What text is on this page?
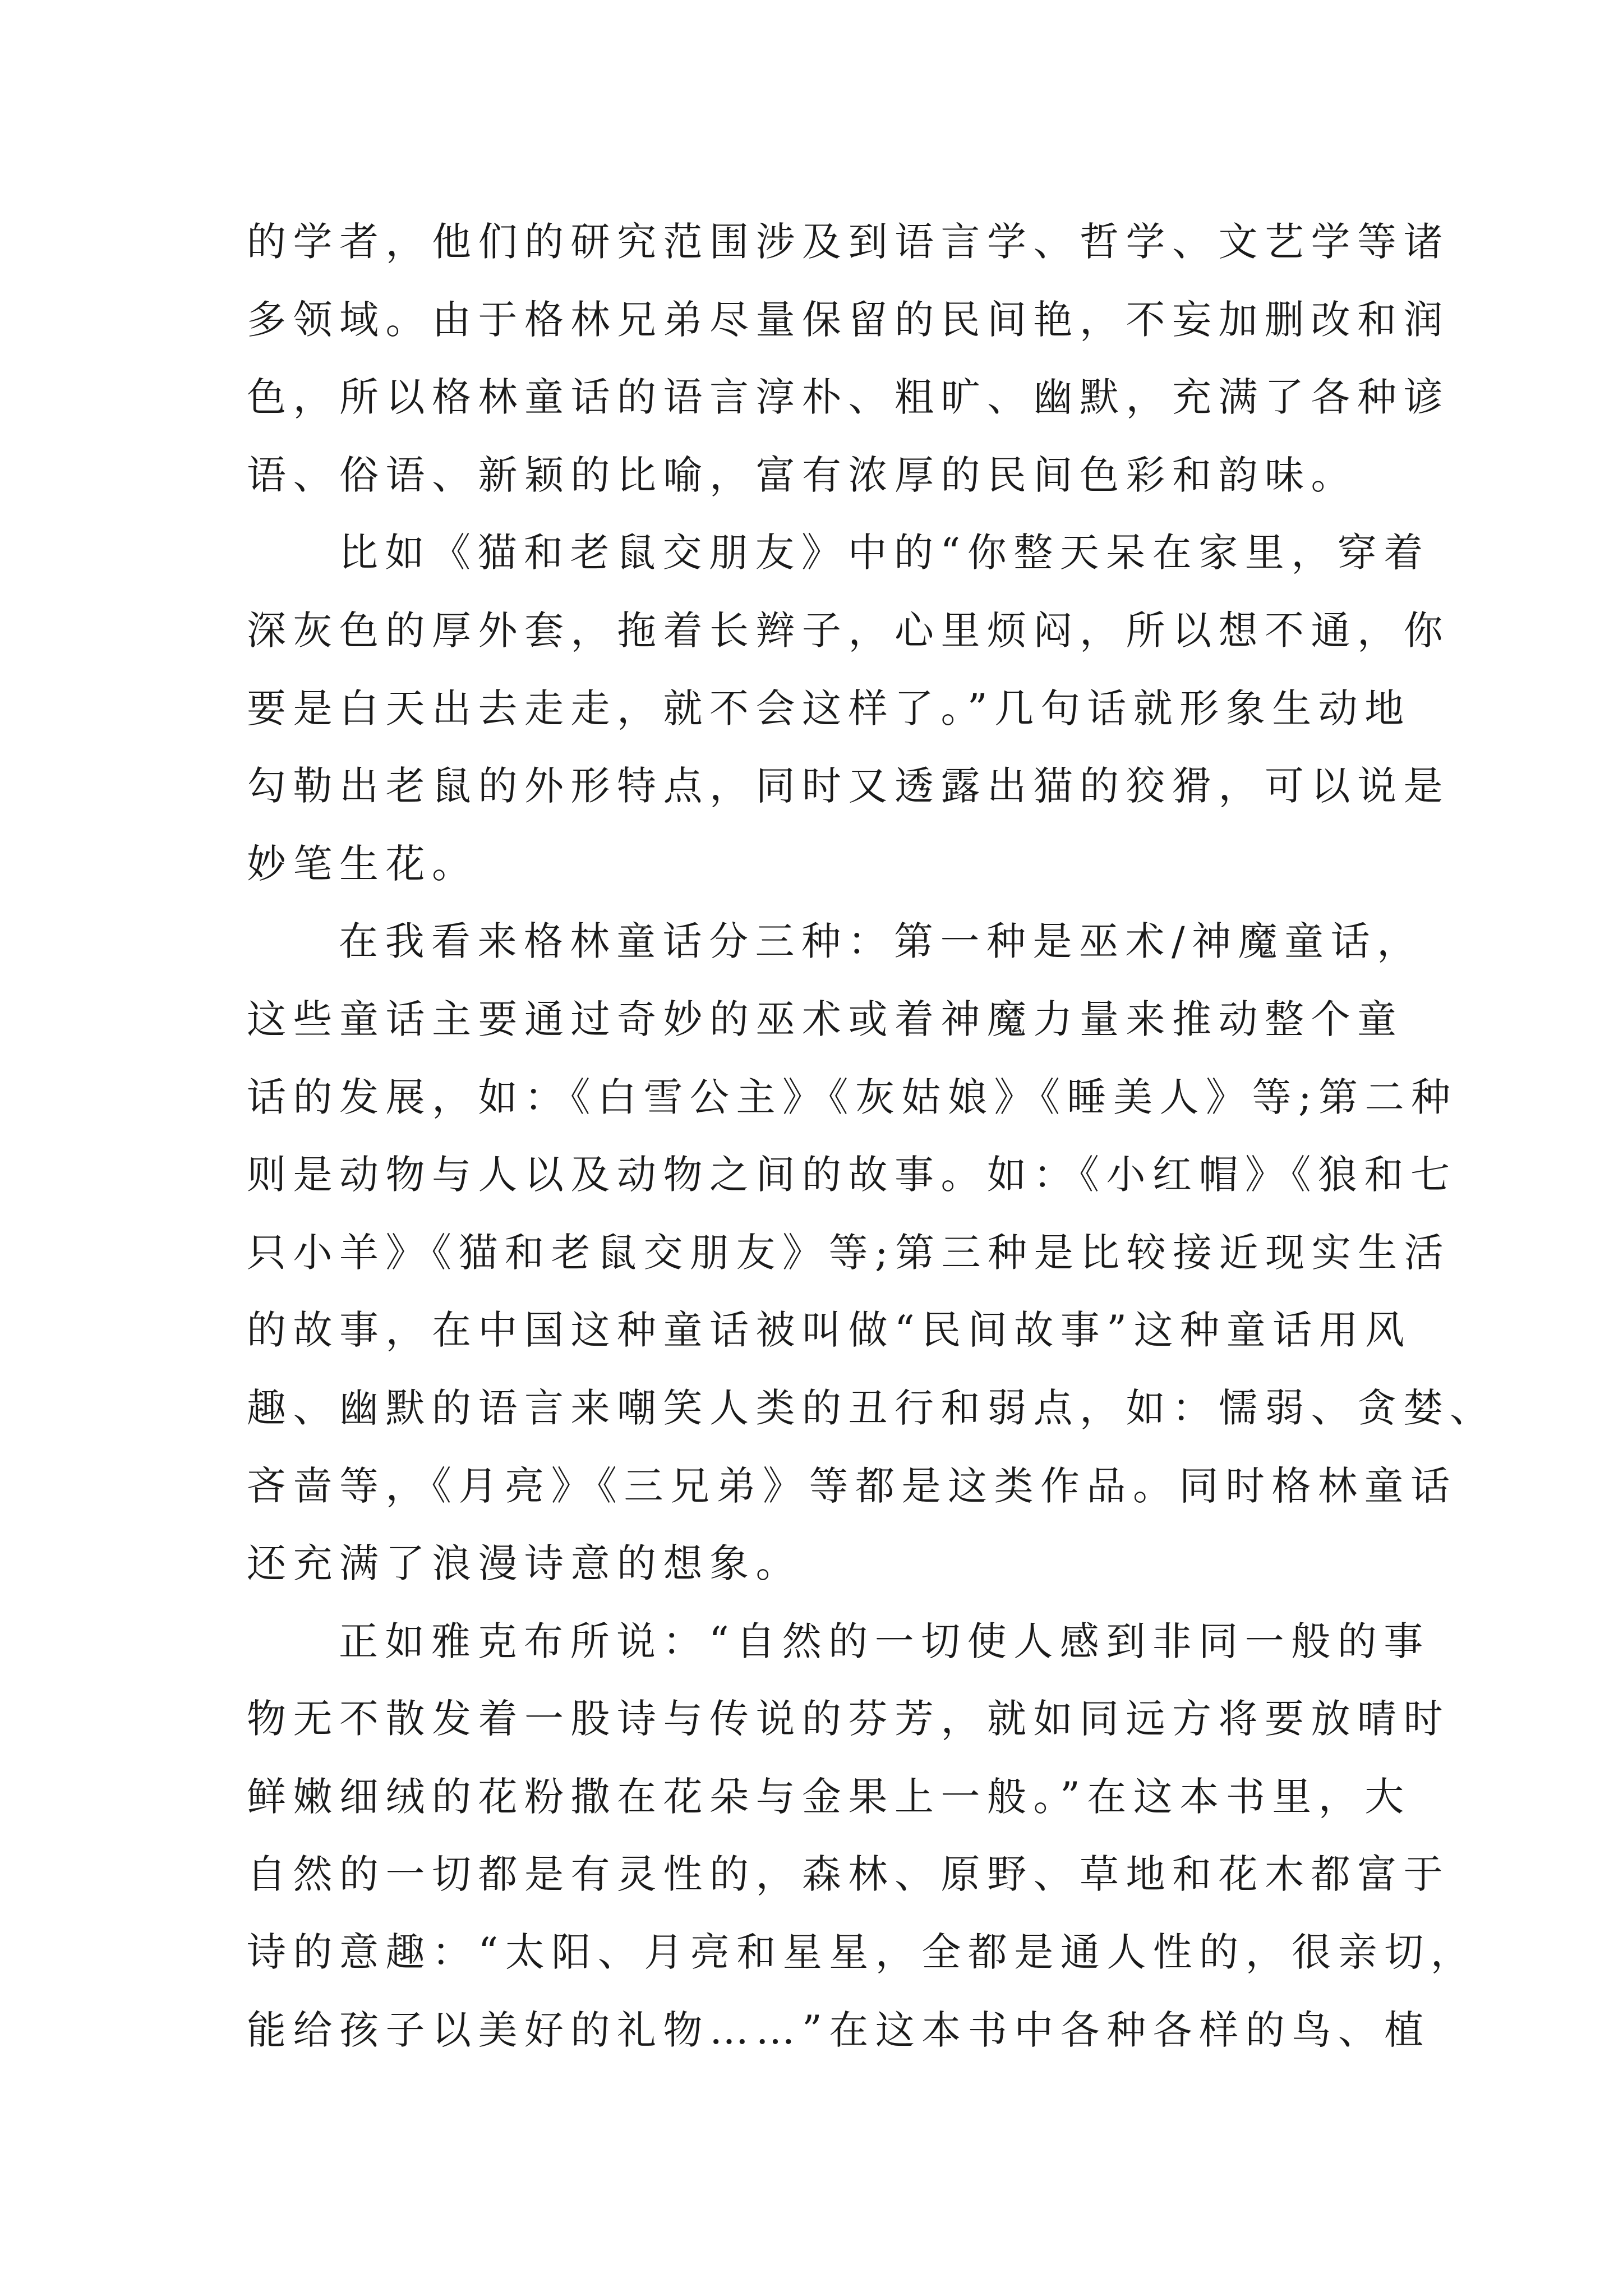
的学者，他们的研究范围涉及到语言学、哲学、文艺学等诸
多领域。由于格林兄弟尽量保留的民间艳，不妄加删改和润
色，所以格林童话的语言淳朴、粗旷、幽默，充满了各种谚
语、俗语、新颖的比喻，富有浓厚的民间色彩和韵味。
比如《猫和老鼠交朋友》中的“你整天呆在家里，穿着
深灰色的厚外套，拖着长辫子，心里烦闷，所以想不通，你
要是白天出去走走，就不会这样了。”几句话就形象生动地
勾勒出老鼠的外形特点，同时又透露出猫的狡猾，可以说是
妙笔生花。
在我看来格林童话分三种：第一种是巫术/神魔童话，
这些童话主要通过奇妙的巫术或着神魔力量来推动整个童
话的发展，如：《白雪公主》《灰姑娘》《睡美人》等;第二种
则是动物与人以及动物之间的故事。如：《小红帽》《狼和七
只小羊》《猫和老鼠交朋友》等;第三种是比较接近现实生活
的故事，在中国这种童话被叫做“民间故事”这种童话用风
趣、幽默的语言来嘲笑人类的丑行和弱点，如：懦弱、贪婪、
吝啬等，《月亮》《三兄弟》等都是这类作品。同时格林童话
还充满了浪漫诗意的想象。
正如雅克布所说：“自然的一切使人感到非同一般的事
物无不散发着一股诗与传说的芬芳，就如同远方将要放晴时
鲜嫩细绒的花粉撒在花朵与金果上一般。”在这本书里，大
自然的一切都是有灵性的，森林、原野、草地和花木都富于
诗的意趣：“太阳、月亮和星星，全都是通人性的，很亲切，
能给孩子以美好的礼物……”在这本书中各种各样的鸟、植
